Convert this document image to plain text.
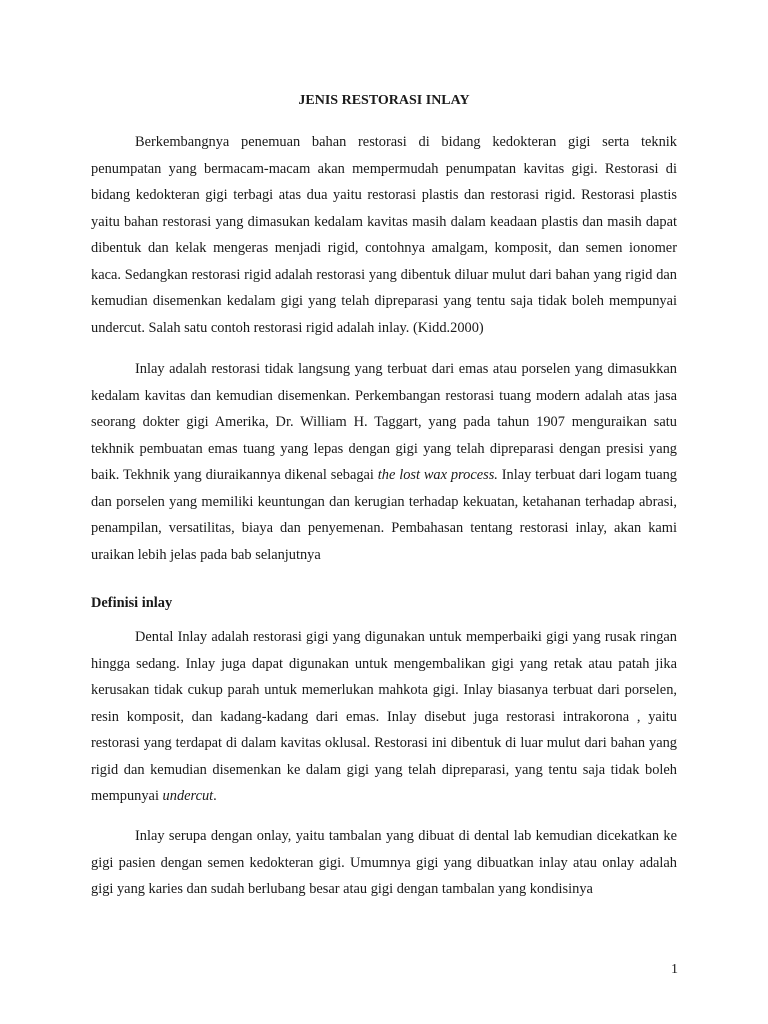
JENIS RESTORASI INLAY

Berkembangnya penemuan bahan restorasi di bidang kedokteran gigi serta teknik penumpatan yang bermacam-macam akan mempermudah penumpatan kavitas gigi. Restorasi di bidang kedokteran gigi terbagi atas dua yaitu restorasi plastis dan restorasi rigid. Restorasi plastis yaitu bahan restorasi yang dimasukan kedalam kavitas masih dalam keadaan plastis dan masih dapat dibentuk dan kelak mengeras menjadi rigid, contohnya amalgam, komposit, dan semen ionomer kaca. Sedangkan restorasi rigid adalah restorasi yang dibentuk diluar mulut dari bahan yang rigid dan kemudian disemenkan kedalam gigi yang telah dipreparasi yang tentu saja tidak boleh mempunyai undercut. Salah satu contoh restorasi rigid adalah inlay. (Kidd.2000)

Inlay adalah restorasi tidak langsung yang terbuat dari emas atau porselen yang dimasukkan kedalam kavitas dan kemudian disemenkan. Perkembangan restorasi tuang modern adalah atas jasa seorang dokter gigi Amerika, Dr. William H. Taggart, yang pada tahun 1907 menguraikan satu tekhnik pembuatan emas tuang yang lepas dengan gigi yang telah dipreparasi dengan presisi yang baik. Tekhnik yang diuraikannya dikenal sebagai the lost wax process. Inlay terbuat dari logam tuang dan porselen yang memiliki keuntungan dan kerugian terhadap kekuatan, ketahanan terhadap abrasi, penampilan, versatilitas, biaya dan penyemenan. Pembahasan tentang restorasi inlay, akan kami uraikan lebih jelas pada bab selanjutnya

Definisi inlay

Dental Inlay adalah restorasi gigi yang digunakan untuk memperbaiki gigi yang rusak ringan hingga sedang. Inlay juga dapat digunakan untuk mengembalikan gigi yang retak atau patah jika kerusakan tidak cukup parah untuk memerlukan mahkota gigi. Inlay biasanya terbuat dari porselen, resin komposit, dan kadang-kadang dari emas. Inlay disebut juga restorasi intrakorona , yaitu restorasi yang terdapat di dalam kavitas oklusal. Restorasi ini dibentuk di luar mulut dari bahan yang rigid dan kemudian disemenkan ke dalam gigi yang telah dipreparasi, yang tentu saja tidak boleh mempunyai undercut.

Inlay serupa dengan onlay, yaitu tambalan yang dibuat di dental lab kemudian dicekatkan ke gigi pasien dengan semen kedokteran gigi. Umumnya gigi yang dibuatkan inlay atau onlay adalah gigi yang karies dan sudah berlubang besar atau gigi dengan tambalan yang kondisinya

1
